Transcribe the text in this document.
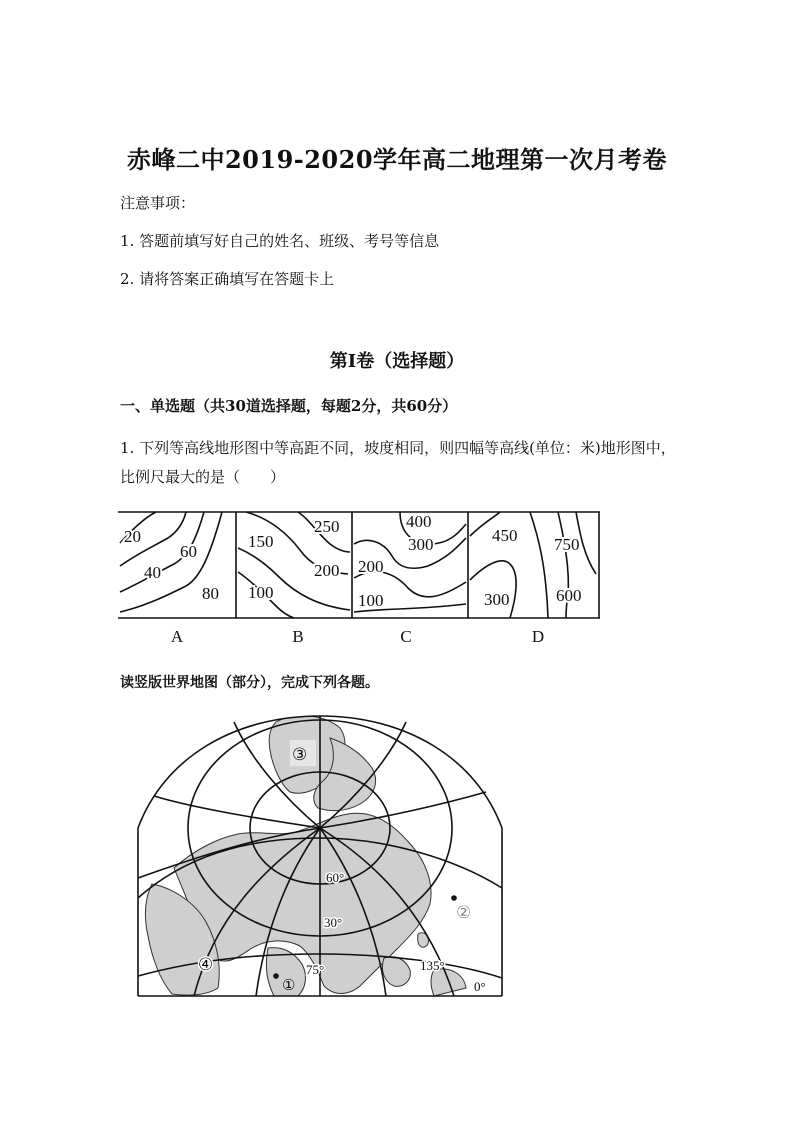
赤峰二中2019-2020学年高二地理第一次月考卷
注意事项：
1. 答题前填写好自己的姓名、班级、考号等信息
2. 请将答案正确填写在答题卡上
第Ⅰ卷（选择题）
一、单选题（共30道选择题，每题2分，共60分）
1. 下列等高线地形图中等高距不同，坡度相同，则四幅等高线(单位：米)地形图中，比例尺最大的是（　　）
20
60
40
80
250
150
200
100
400
300
200
100
450 750
300	600
A	B	C	D
读竖版世界地图（部分），完成下列各题。
③
②
④
①
60°
30°
75°	135°
0°
